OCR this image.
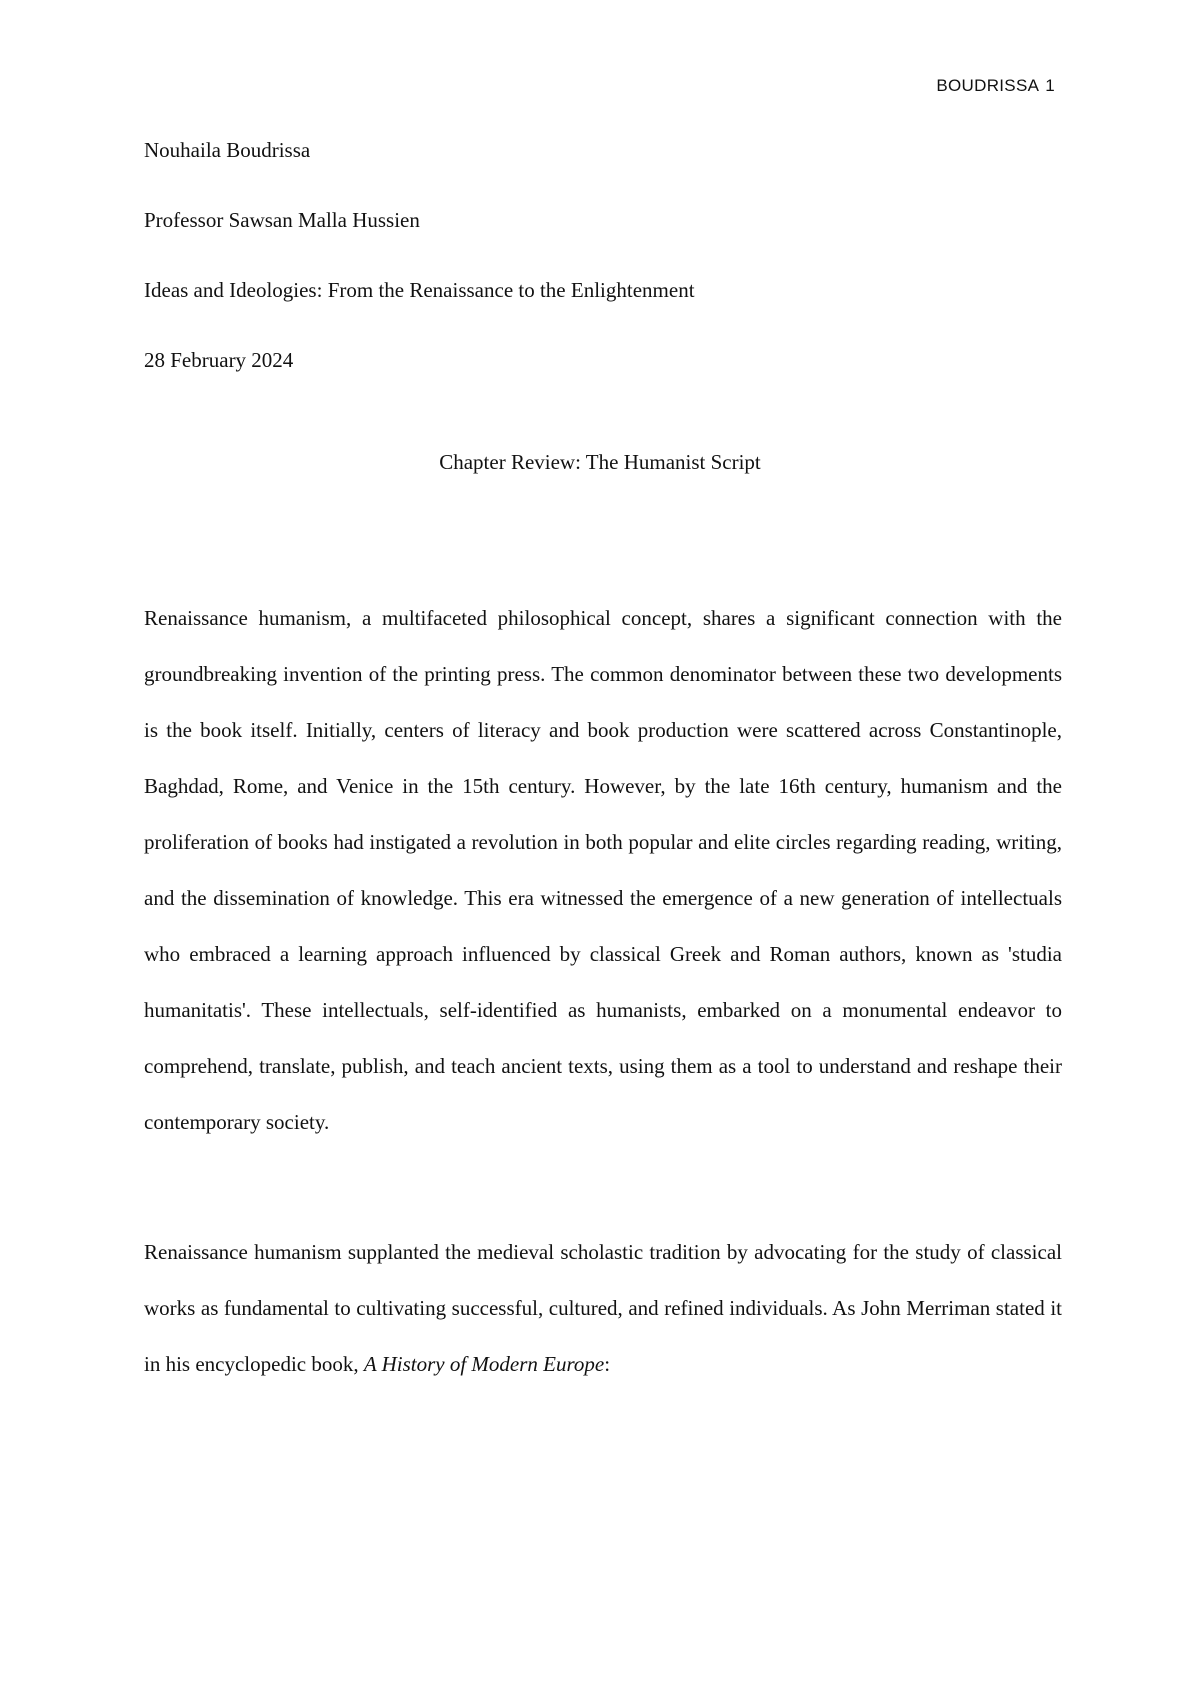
BOUDRISSA 1
Nouhaila Boudrissa
Professor Sawsan Malla Hussien
Ideas and Ideologies: From the Renaissance to the Enlightenment
28 February 2024
Chapter Review: The Humanist Script

Renaissance humanism, a multifaceted philosophical concept, shares a significant connection with the groundbreaking invention of the printing press. The common denominator between these two developments is the book itself. Initially, centers of literacy and book production were scattered across Constantinople, Baghdad, Rome, and Venice in the 15th century. However, by the late 16th century, humanism and the proliferation of books had instigated a revolution in both popular and elite circles regarding reading, writing, and the dissemination of knowledge. This era witnessed the emergence of a new generation of intellectuals who embraced a learning approach influenced by classical Greek and Roman authors, known as 'studia humanitatis'. These intellectuals, self-identified as humanists, embarked on a monumental endeavor to comprehend, translate, publish, and teach ancient texts, using them as a tool to understand and reshape their contemporary society.

Renaissance humanism supplanted the medieval scholastic tradition by advocating for the study of classical works as fundamental to cultivating successful, cultured, and refined individuals. As John Merriman stated it in his encyclopedic book, A History of Modern Europe:
